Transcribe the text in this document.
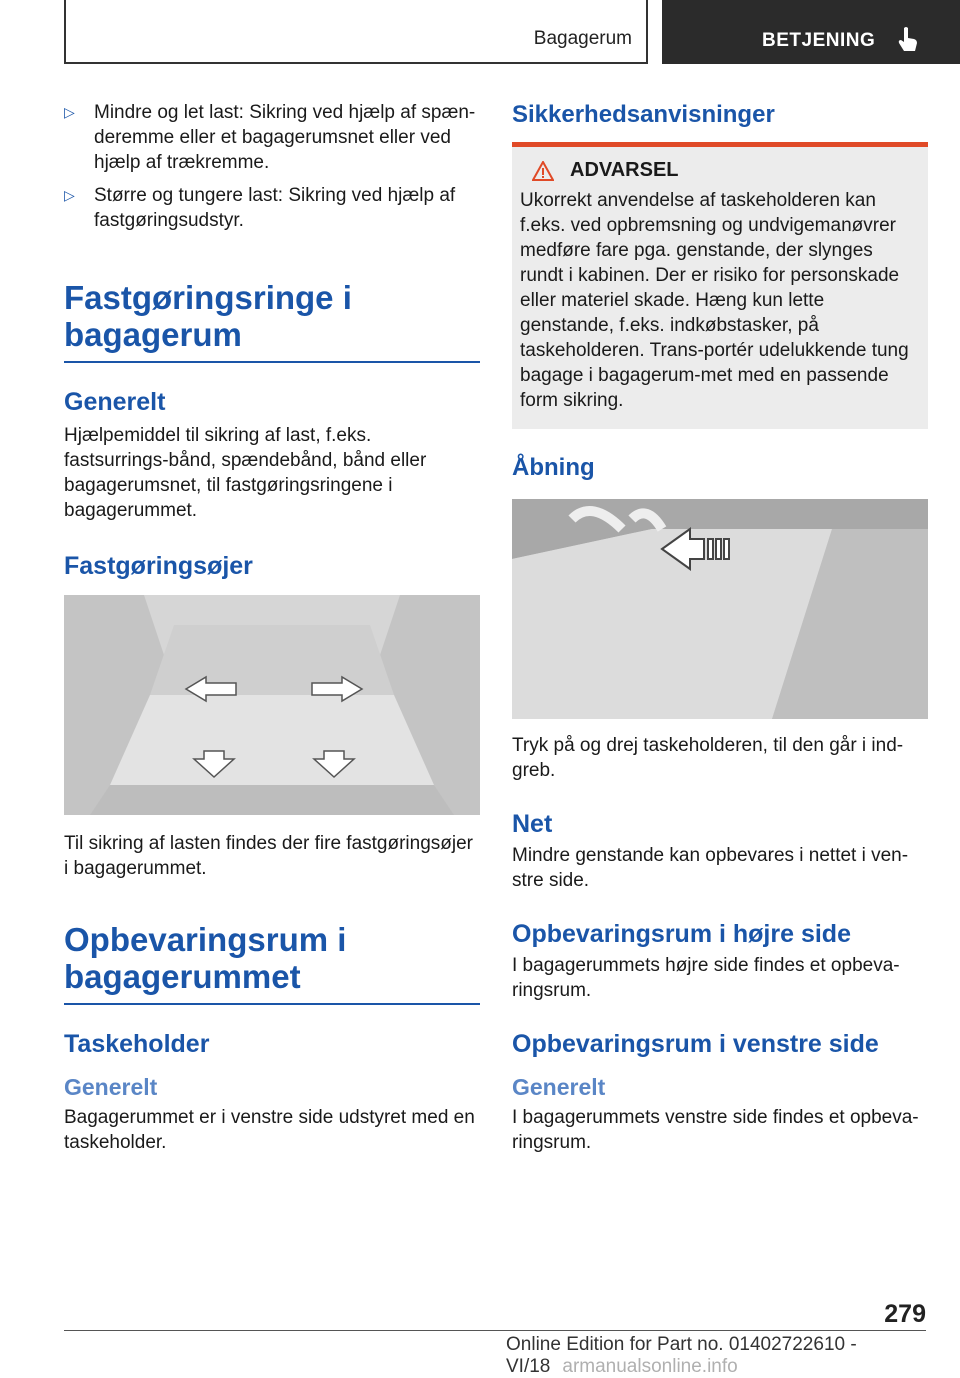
Bagagerum	BETJENING
▷ Mindre og let last: Sikring ved hjælp af spæn-deremme eller et bagagerumsnet eller ved hjælp af trækremme.
▷ Større og tungere last: Sikring ved hjælp af fastgøringsudstyr.
Fastgøringsringe i bagagerum
Generelt

Hjælpemiddel til sikring af last, f.eks. fastsurrings-bånd, spændebånd, bånd eller bagagerumsnet, til fastgøringsringene i bagagerummet.

Fastgøringsøjer

Til sikring af lasten findes der fire fastgøringsøjer i bagagerummet.

Opbevaringsrum i bagagerummet
Taskeholder
Generelt

Bagagerummet er i venstre side udstyret med en taskeholder.

Sikkerhedsanvisninger
ADVARSEL

Ukorrekt anvendelse af taskeholderen kan f.eks. ved opbremsning og undvigemanøvrer medføre fare pga. genstande, der slynges rundt i kabinen. Der er risiko for personskade eller materiel skade. Hæng kun lette genstande, f.eks. indkøbstasker, på taskeholderen. Trans-portér udelukkende tung bagage i bagagerum-met med en passende form sikring.

Åbning

Tryk på og drej taskeholderen, til den går i ind-greb.

Net

Mindre genstande kan opbevares i nettet i ven-stre side.

Opbevaringsrum i højre side

I bagagerummets højre side findes et opbeva-ringsrum.

Opbevaringsrum i venstre side
Generelt

I bagagerummets venstre side findes et opbeva-ringsrum.

279
Online Edition for Part no. 01402722610 - VI/18 armanualsonline.info
